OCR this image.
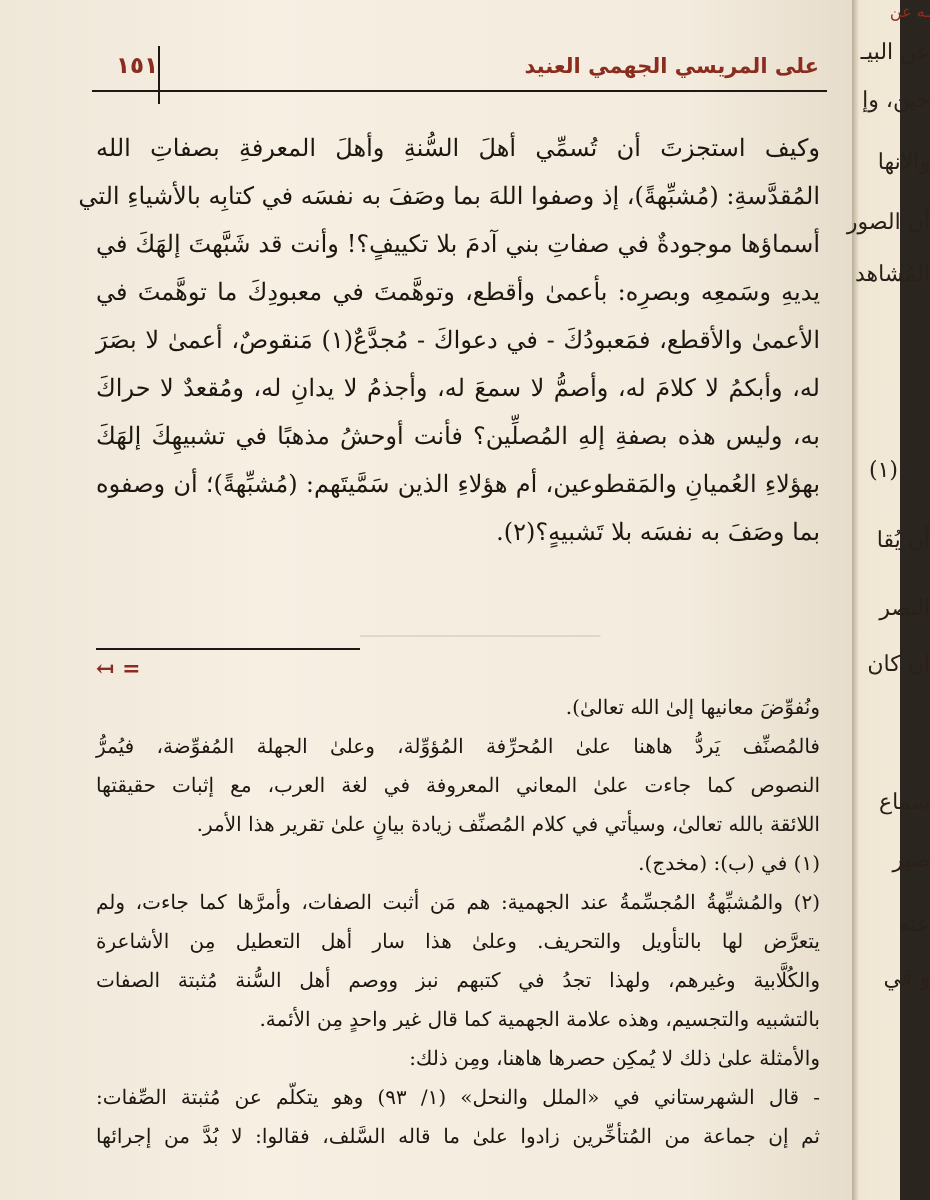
على المريسي الجهمي العنيد
١٥١
ـــــــــــــــــــــــــــــــــــــــــ
وكيف استجزتَ أن تُسمِّي أهلَ السُّنةِ وأهلَ المعرفةِ بصفاتِ الله
المُقدَّسةِ: (مُشبِّهةً)، إذ وصفوا اللهَ بما وصَفَ به نفسَه في كتابِه بالأشياءِ التي
أسماؤها موجودةٌ في صفاتِ بني آدمَ بلا تكييفٍ؟! وأنت قد شَبَّهتَ إلهَكَ في
يديهِ وسَمعِه وبصرِه: بأعمىٰ وأقطع، وتوهَّمتَ في معبودِكَ ما توهَّمتَ في
الأعمىٰ والأقطع، فمَعبودُكَ - في دعواكَ - مُجدَّعٌ(١) مَنقوصٌ، أعمىٰ لا بصَرَ
له، وأبكمُ لا كلامَ له، وأصمُّ لا سمعَ له، وأجذمُ لا يدانِ له، ومُقعدٌ لا حراكَ
به، وليس هذه بصفةِ إلهِ المُصلِّين؟ فأنت أوحشُ مذهبًا في تشبيهِكَ إلهَكَ
بهؤلاءِ العُميانِ والمَقطوعين، أم هؤلاءِ الذين سَمَّيتَهم: (مُشبِّهةً)؛ أن وصفوه
بما وصَفَ به نفسَه بلا تَشبيهٍ؟(٢).
↤ =
ونُفوِّضَ معانيها إلىٰ الله تعالىٰ).
فالمُصنِّف يَردُّ هاهنا علىٰ المُحرِّفة المُؤوِّلة، وعلىٰ الجهلة المُفوِّضة، فيُمرُّ
النصوص كما جاءت علىٰ المعاني المعروفة في لغة العرب، مع إثبات حقيقتها
اللائقة بالله تعالىٰ، وسيأتي في كلام المُصنِّف زيادة بيانٍ علىٰ تقرير هذا الأمر.
(١) في (ب): (مخدج).
(٢) والمُشبِّهةُ المُجسِّمةُ عند الجهمية: هم مَن أثبت الصفات، وأمرَّها كما جاءت، ولم
يتعرَّض لها بالتأويل والتحريف. وعلىٰ هذا سار أهل التعطيل مِن الأشاعرة
والكُلَّابية وغيرهم، ولهذا تجدُ في كتبهم نبز ووصم أهل السُّنة مُثبتة الصفات
بالتشبيه والتجسيم، وهذه علامة الجهمية كما قال غير واحدٍ مِن الأئمة.
والأمثلة علىٰ ذلك لا يُمكِن حصرها هاهنا، ومِن ذلك:
- قال الشهرستاني في «الملل والنحل» (١/ ٩٣) وهو يتكلّم عن مُثبتة الصِّفات:
ثم إن جماعة من المُتأخِّرين زادوا علىٰ ما قاله السَّلف، فقالوا: لا بُدَّ من إجرائها
ـه عن
عن البيـ
حين، وإ
والانها
أن الصور
المُشاهد
(١)
أن يُقا
البصر
ان كان
سماع
صير
عنه
و في
